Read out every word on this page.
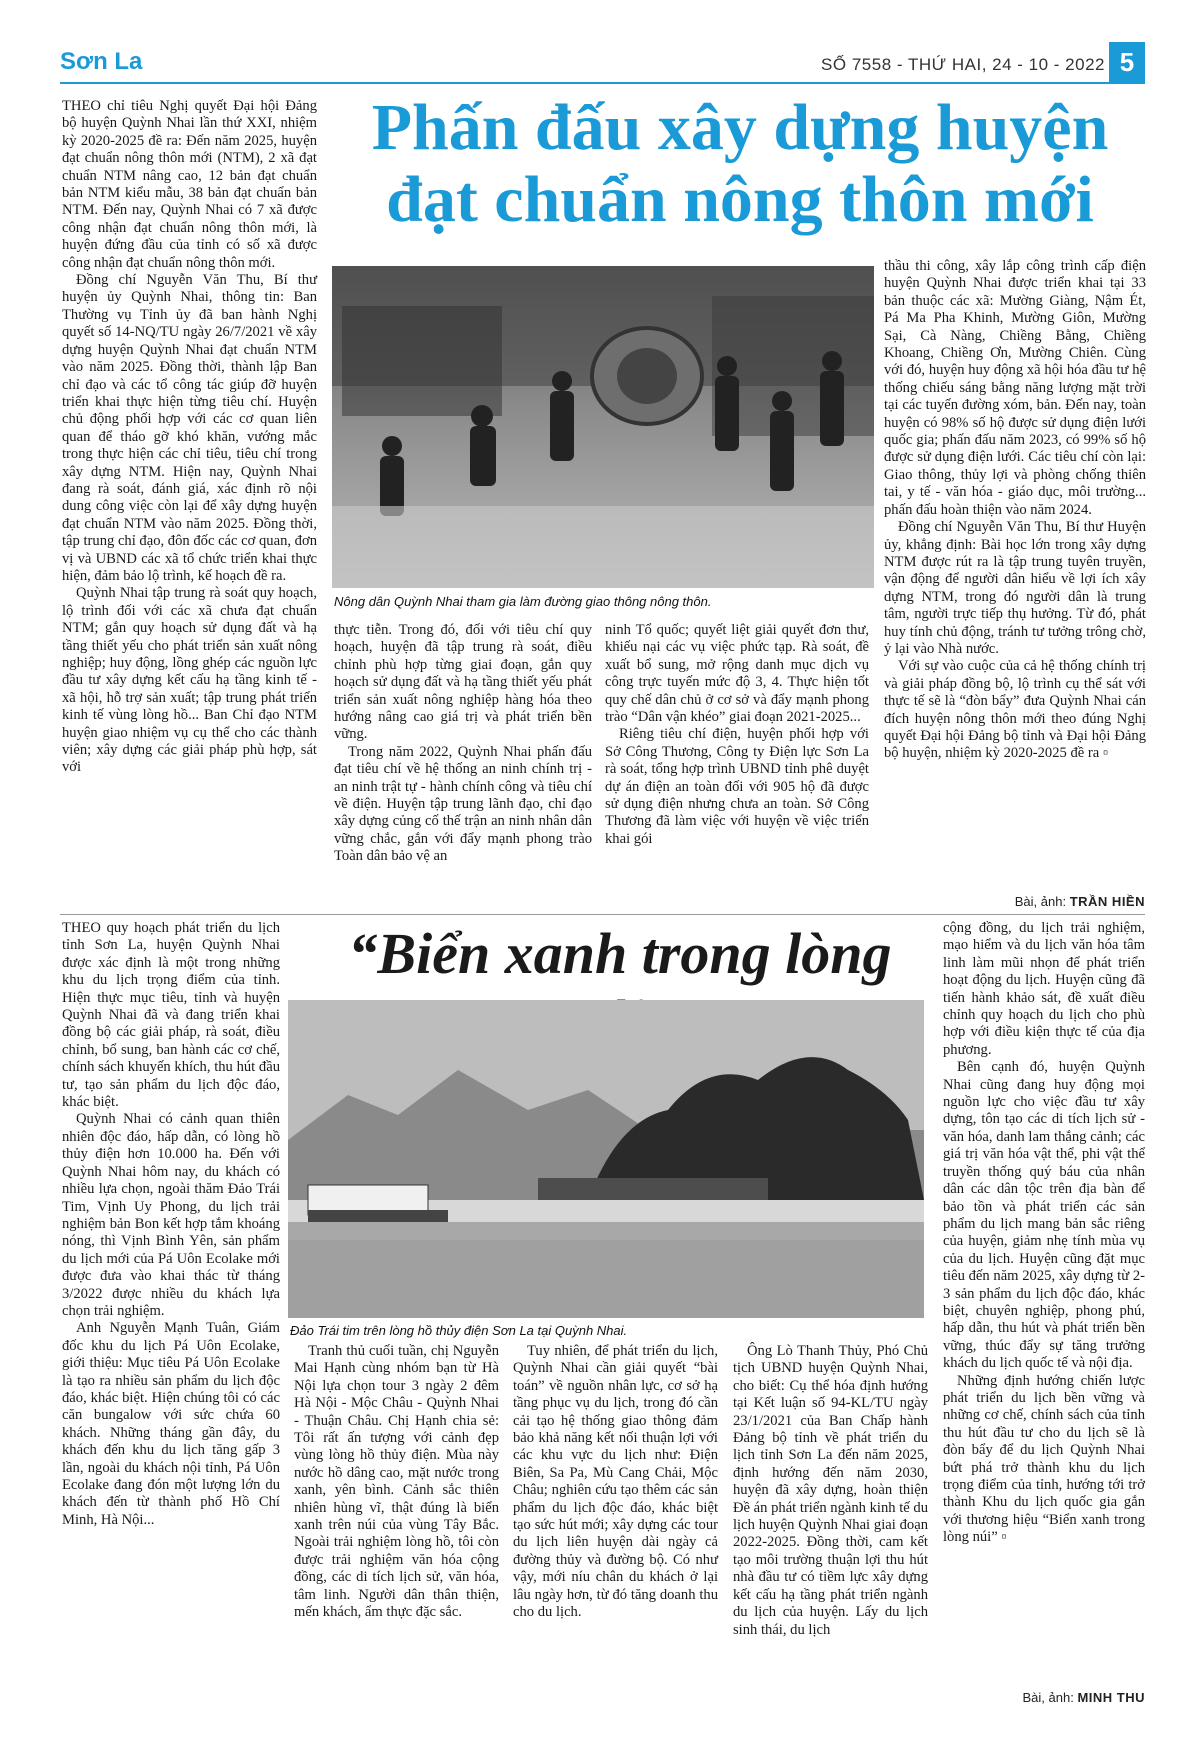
Sơn La	SỐ 7558 - THỨ HAI, 24 - 10 - 2022 5
Phấn đấu xây dựng huyện đạt chuẩn nông thôn mới

THEO chỉ tiêu Nghị quyết Đại hội Đảng bộ huyện Quỳnh Nhai lần thứ XXI, nhiệm kỳ 2020-2025 đề ra: Đến năm 2025, huyện đạt chuẩn nông thôn mới (NTM), 2 xã đạt chuẩn NTM nâng cao, 12 bản đạt chuẩn bản NTM kiểu mẫu, 38 bản đạt chuẩn bản NTM. Đến nay, Quỳnh Nhai có 7 xã được công nhận đạt chuẩn nông thôn mới, là huyện đứng đầu của tỉnh có số xã được công nhận đạt chuẩn nông thôn mới.

Đồng chí Nguyễn Văn Thu, Bí thư huyện ủy Quỳnh Nhai, thông tin: Ban Thường vụ Tỉnh ủy đã ban hành Nghị quyết số 14-NQ/TU ngày 26/7/2021 về xây dựng huyện Quỳnh Nhai đạt chuẩn NTM vào năm 2025. Đồng thời, thành lập Ban chỉ đạo và các tổ công tác giúp đỡ huyện triển khai thực hiện từng tiêu chí. Huyện chủ động phối hợp với các cơ quan liên quan để tháo gỡ khó khăn, vướng mắc trong thực hiện các chỉ tiêu, tiêu chí trong xây dựng NTM. Hiện nay, Quỳnh Nhai đang rà soát, đánh giá, xác định rõ nội dung công việc còn lại để xây dựng huyện đạt chuẩn NTM vào năm 2025. Đồng thời, tập trung chỉ đạo, đôn đốc các cơ quan, đơn vị và UBND các xã tổ chức triển khai thực hiện, đảm bảo lộ trình, kế hoạch đề ra.

Quỳnh Nhai tập trung rà soát quy hoạch, lộ trình đối với các xã chưa đạt chuẩn NTM; gắn quy hoạch sử dụng đất và hạ tầng thiết yếu cho phát triển sản xuất nông nghiệp; huy động, lồng ghép các nguồn lực đầu tư xây dựng kết cấu hạ tầng kinh tế - xã hội, hỗ trợ sản xuất; tập trung phát triển kinh tế vùng lòng hồ... Ban Chỉ đạo NTM huyện giao nhiệm vụ cụ thể cho các thành viên; xây dựng các giải pháp phù hợp, sát với

Nông dân Quỳnh Nhai tham gia làm đường giao thông nông thôn.

thực tiễn. Trong đó, đối với tiêu chí quy hoạch, huyện đã tập trung rà soát, điều chỉnh phù hợp từng giai đoạn, gắn quy hoạch sử dụng đất và hạ tầng thiết yếu phát triển sản xuất nông nghiệp hàng hóa theo hướng nâng cao giá trị và phát triển bền vững.

Trong năm 2022, Quỳnh Nhai phấn đấu đạt tiêu chí về hệ thống an ninh chính trị - an ninh trật tự - hành chính công và tiêu chí về điện. Huyện tập trung lãnh đạo, chỉ đạo xây dựng củng cố thế trận an ninh nhân dân vững chắc, gắn với đẩy mạnh phong trào Toàn dân bảo vệ an

ninh Tổ quốc; quyết liệt giải quyết đơn thư, khiếu nại các vụ việc phức tạp. Rà soát, đề xuất bổ sung, mở rộng danh mục dịch vụ công trực tuyến mức độ 3, 4. Thực hiện tốt quy chế dân chủ ở cơ sở và đẩy mạnh phong trào “Dân vận khéo” giai đoạn 2021-2025...

Riêng tiêu chí điện, huyện phối hợp với Sở Công Thương, Công ty Điện lực Sơn La rà soát, tổng hợp trình UBND tỉnh phê duyệt dự án điện an toàn đối với 905 hộ đã được sử dụng điện nhưng chưa an toàn. Sở Công Thương đã làm việc với huyện về việc triển khai gói

thầu thi công, xây lắp công trình cấp điện huyện Quỳnh Nhai được triển khai tại 33 bản thuộc các xã: Mường Giàng, Nậm Ét, Pá Ma Pha Khinh, Mường Giôn, Mường Sại, Cà Nàng, Chiềng Bằng, Chiềng Khoang, Chiềng Ơn, Mường Chiên. Cùng với đó, huyện huy động xã hội hóa đầu tư hệ thống chiếu sáng bằng năng lượng mặt trời tại các tuyến đường xóm, bản. Đến nay, toàn huyện có 98% số hộ được sử dụng điện lưới quốc gia; phấn đấu năm 2023, có 99% số hộ được sử dụng điện lưới. Các tiêu chí còn lại: Giao thông, thủy lợi và phòng chống thiên tai, y tế - văn hóa - giáo dục, môi trường... phấn đấu hoàn thiện vào năm 2024.

Đồng chí Nguyễn Văn Thu, Bí thư Huyện ủy, khẳng định: Bài học lớn trong xây dựng NTM được rút ra là tập trung tuyên truyền, vận động để người dân hiểu về lợi ích xây dựng NTM, trong đó người dân là trung tâm, người trực tiếp thụ hưởng. Từ đó, phát huy tính chủ động, tránh tư tưởng trông chờ, ỷ lại vào Nhà nước.

Với sự vào cuộc của cả hệ thống chính trị và giải pháp đồng bộ, lộ trình cụ thể sát với thực tế sẽ là “đòn bẩy” đưa Quỳnh Nhai cán đích huyện nông thôn mới theo đúng Nghị quyết Đại hội Đảng bộ tỉnh và Đại hội Đảng bộ huyện, nhiệm kỳ 2020-2025 đề ra ▫

Bài, ảnh: TRẦN HIỀN
“Biển xanh trong lòng

THEO quy hoạch phát triển du lịch tỉnh Sơn La, huyện Quỳnh Nhai được xác định là một trong những khu du lịch trọng điểm của tỉnh. Hiện thực mục tiêu, tỉnh và huyện Quỳnh Nhai đã và đang triển khai đồng bộ các giải pháp, rà soát, điều chỉnh, bổ sung, ban hành các cơ chế, chính sách khuyến khích, thu hút đầu tư, tạo sản phẩm du lịch độc đáo, khác biệt.

Quỳnh Nhai có cảnh quan thiên nhiên độc đáo, hấp dẫn, có lòng hồ thủy điện hơn 10.000 ha. Đến với Quỳnh Nhai hôm nay, du khách có nhiều lựa chọn, ngoài thăm Đảo Trái Tim, Vịnh Uy Phong, du lịch trải nghiệm bản Bon kết hợp tắm khoáng nóng, thì Vịnh Bình Yên, sản phẩm du lịch mới của Pá Uôn Ecolake mới được đưa vào khai thác từ tháng 3/2022 được nhiều du khách lựa chọn trải nghiệm.

Anh Nguyễn Mạnh Tuân, Giám đốc khu du lịch Pá Uôn Ecolake, giới thiệu: Mục tiêu Pá Uôn Ecolake là tạo ra nhiều sản phẩm du lịch độc đáo, khác biệt. Hiện chúng tôi có các căn bungalow với sức chứa 60 khách. Những tháng gần đây, du khách đến khu du lịch tăng gấp 3 lần, ngoài du khách nội tỉnh, Pá Uôn Ecolake đang đón một lượng lớn du khách đến từ thành phố Hồ Chí Minh, Hà Nội...

Đảo Trái tim trên lòng hồ thủy điện Sơn La tại Quỳnh Nhai.

Tranh thủ cuối tuần, chị Nguyễn Mai Hạnh cùng nhóm bạn từ Hà Nội lựa chọn tour 3 ngày 2 đêm Hà Nội - Mộc Châu - Quỳnh Nhai - Thuận Châu. Chị Hạnh chia sẻ: Tôi rất ấn tượng với cảnh đẹp vùng lòng hồ thủy điện. Mùa này nước hồ dâng cao, mặt nước trong xanh, yên bình. Cảnh sắc thiên nhiên hùng vĩ, thật đúng là biển xanh trên núi của vùng Tây Bắc. Ngoài trải nghiệm lòng hồ, tôi còn được trải nghiệm văn hóa cộng đồng, các di tích lịch sử, văn hóa, tâm linh. Người dân thân thiện, mến khách, ẩm thực đặc sắc.

Tuy nhiên, để phát triển du lịch, Quỳnh Nhai cần giải quyết “bài toán” về nguồn nhân lực, cơ sở hạ tầng phục vụ du lịch, trong đó cần cải tạo hệ thống giao thông đảm bảo khả năng kết nối thuận lợi với các khu vực du lịch như: Điện Biên, Sa Pa, Mù Cang Chải, Mộc Châu; nghiên cứu tạo thêm các sản phẩm du lịch độc đáo, khác biệt tạo sức hút mới; xây dựng các tour du lịch liên huyện dài ngày cả đường thủy và đường bộ. Có như vậy, mới níu chân du khách ở lại lâu ngày hơn, từ đó tăng doanh thu cho du lịch.

Ông Lò Thanh Thủy, Phó Chủ tịch UBND huyện Quỳnh Nhai, cho biết: Cụ thể hóa định hướng tại Kết luận số 94-KL/TU ngày 23/1/2021 của Ban Chấp hành Đảng bộ tỉnh về phát triển du lịch tỉnh Sơn La đến năm 2025, định hướng đến năm 2030, huyện đã xây dựng, hoàn thiện Đề án phát triển ngành kinh tế du lịch huyện Quỳnh Nhai giai đoạn 2022-2025. Đồng thời, cam kết tạo môi trường thuận lợi thu hút nhà đầu tư có tiềm lực xây dựng kết cấu hạ tầng phát triển ngành du lịch của huyện. Lấy du lịch sinh thái, du lịch

cộng đồng, du lịch trải nghiệm, mạo hiểm và du lịch văn hóa tâm linh làm mũi nhọn để phát triển hoạt động du lịch. Huyện cũng đã tiến hành khảo sát, đề xuất điều chỉnh quy hoạch du lịch cho phù hợp với điều kiện thực tế của địa phương.

Bên cạnh đó, huyện Quỳnh Nhai cũng đang huy động mọi nguồn lực cho việc đầu tư xây dựng, tôn tạo các di tích lịch sử - văn hóa, danh lam thắng cảnh; các giá trị văn hóa vật thể, phi vật thể truyền thống quý báu của nhân dân các dân tộc trên địa bàn để bảo tồn và phát triển các sản phẩm du lịch mang bản sắc riêng của huyện, giảm nhẹ tính mùa vụ của du lịch. Huyện cũng đặt mục tiêu đến năm 2025, xây dựng từ 2-3 sản phẩm du lịch độc đáo, khác biệt, chuyên nghiệp, phong phú, hấp dẫn, thu hút và phát triển bền vững, thúc đẩy sự tăng trưởng khách du lịch quốc tế và nội địa.

Những định hướng chiến lược phát triển du lịch bền vững và những cơ chế, chính sách của tỉnh thu hút đầu tư cho du lịch sẽ là đòn bẩy để du lịch Quỳnh Nhai bứt phá trở thành khu du lịch trọng điểm của tỉnh, hướng tới trở thành Khu du lịch quốc gia gắn với thương hiệu “Biển xanh trong lòng núi” ▫

Bài, ảnh: MINH THU
